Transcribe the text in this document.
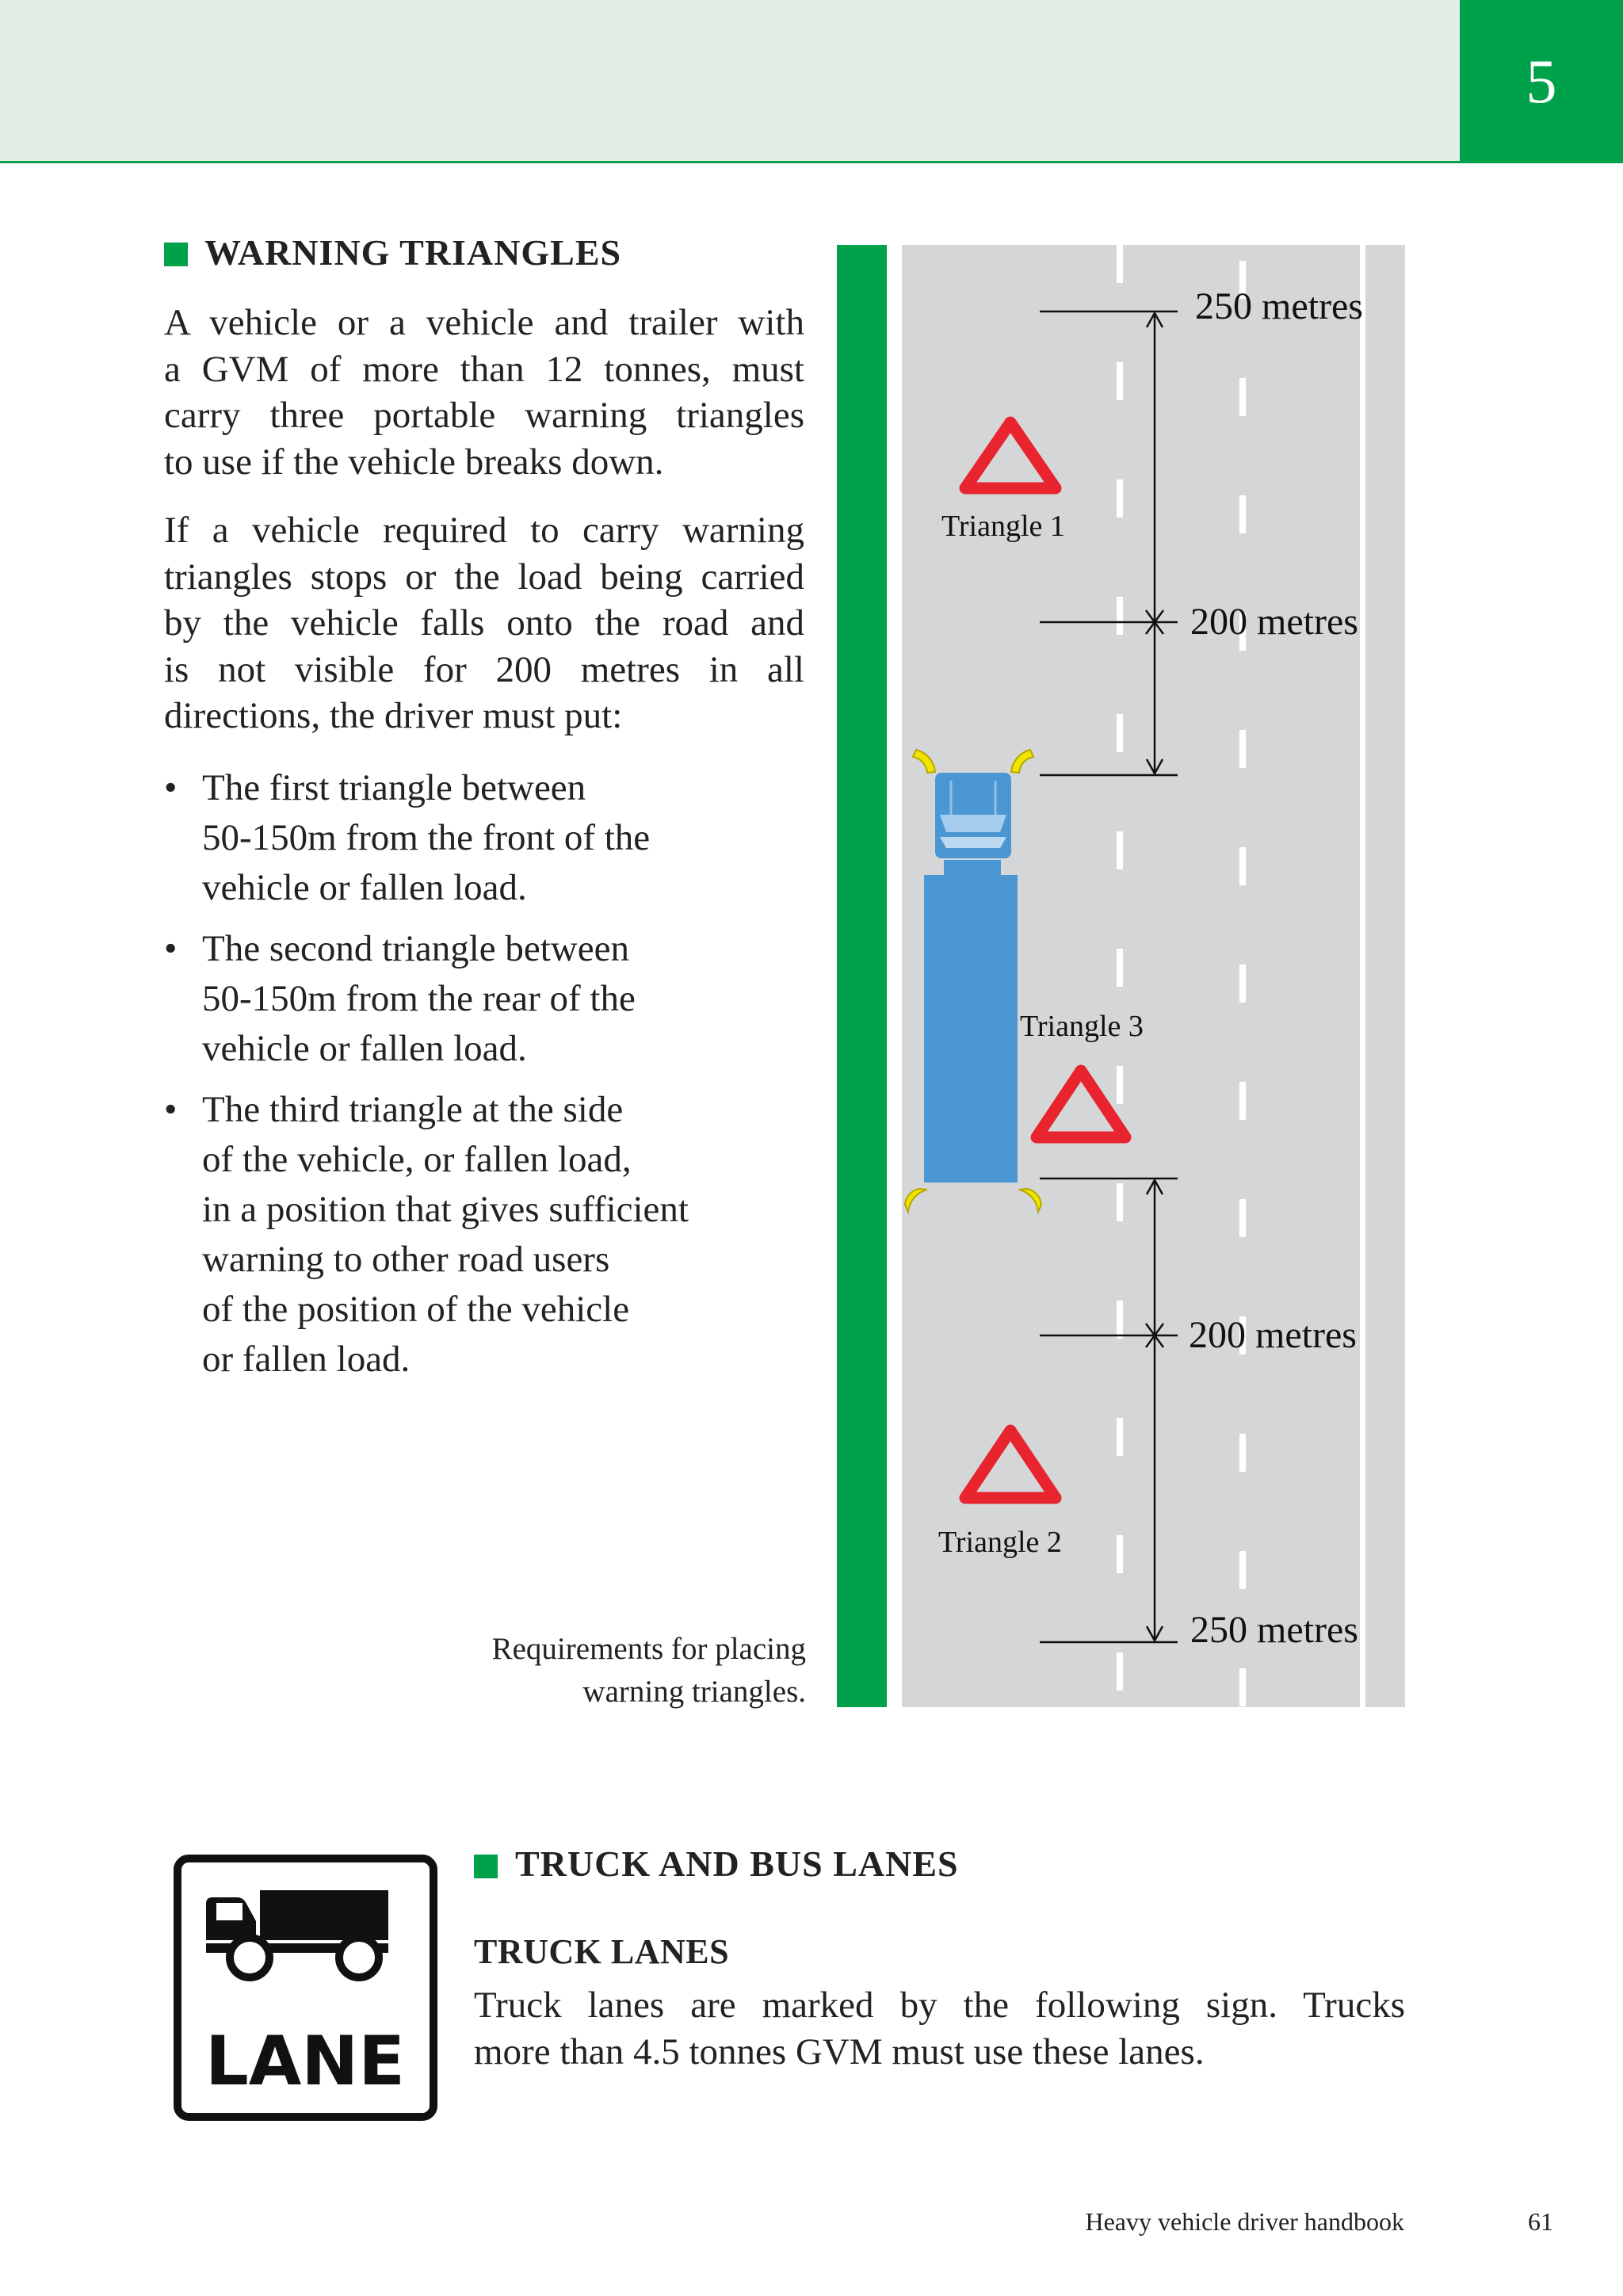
5
WARNING TRIANGLES
A vehicle or a vehicle and trailer with
a GVM of more than 12 tonnes, must
carry three portable warning triangles
to use if the vehicle breaks down.
If a vehicle required to carry warning
triangles stops or the load being carried
by the vehicle falls onto the road and
is not visible for 200 metres in all
directions, the driver must put:
• The first triangle between
50-150m from the front of the
vehicle or fallen load.
• The second triangle between
50-150m from the rear of the
vehicle or fallen load.
• The third triangle at the side
of the vehicle, or fallen load,
in a position that gives sufficient
warning to other road users
of the position of the vehicle
or fallen load.
Requirements for placing
warning triangles.
250 metres
200 metres
200 metres
250 metres
Triangle 1
Triangle 3
Triangle 2
LANE
TRUCK AND BUS LANES
TRUCK LANES
Truck lanes are marked by the following sign. Trucks
more than 4.5 tonnes GVM must use these lanes.
Heavy vehicle driver handbook	61
